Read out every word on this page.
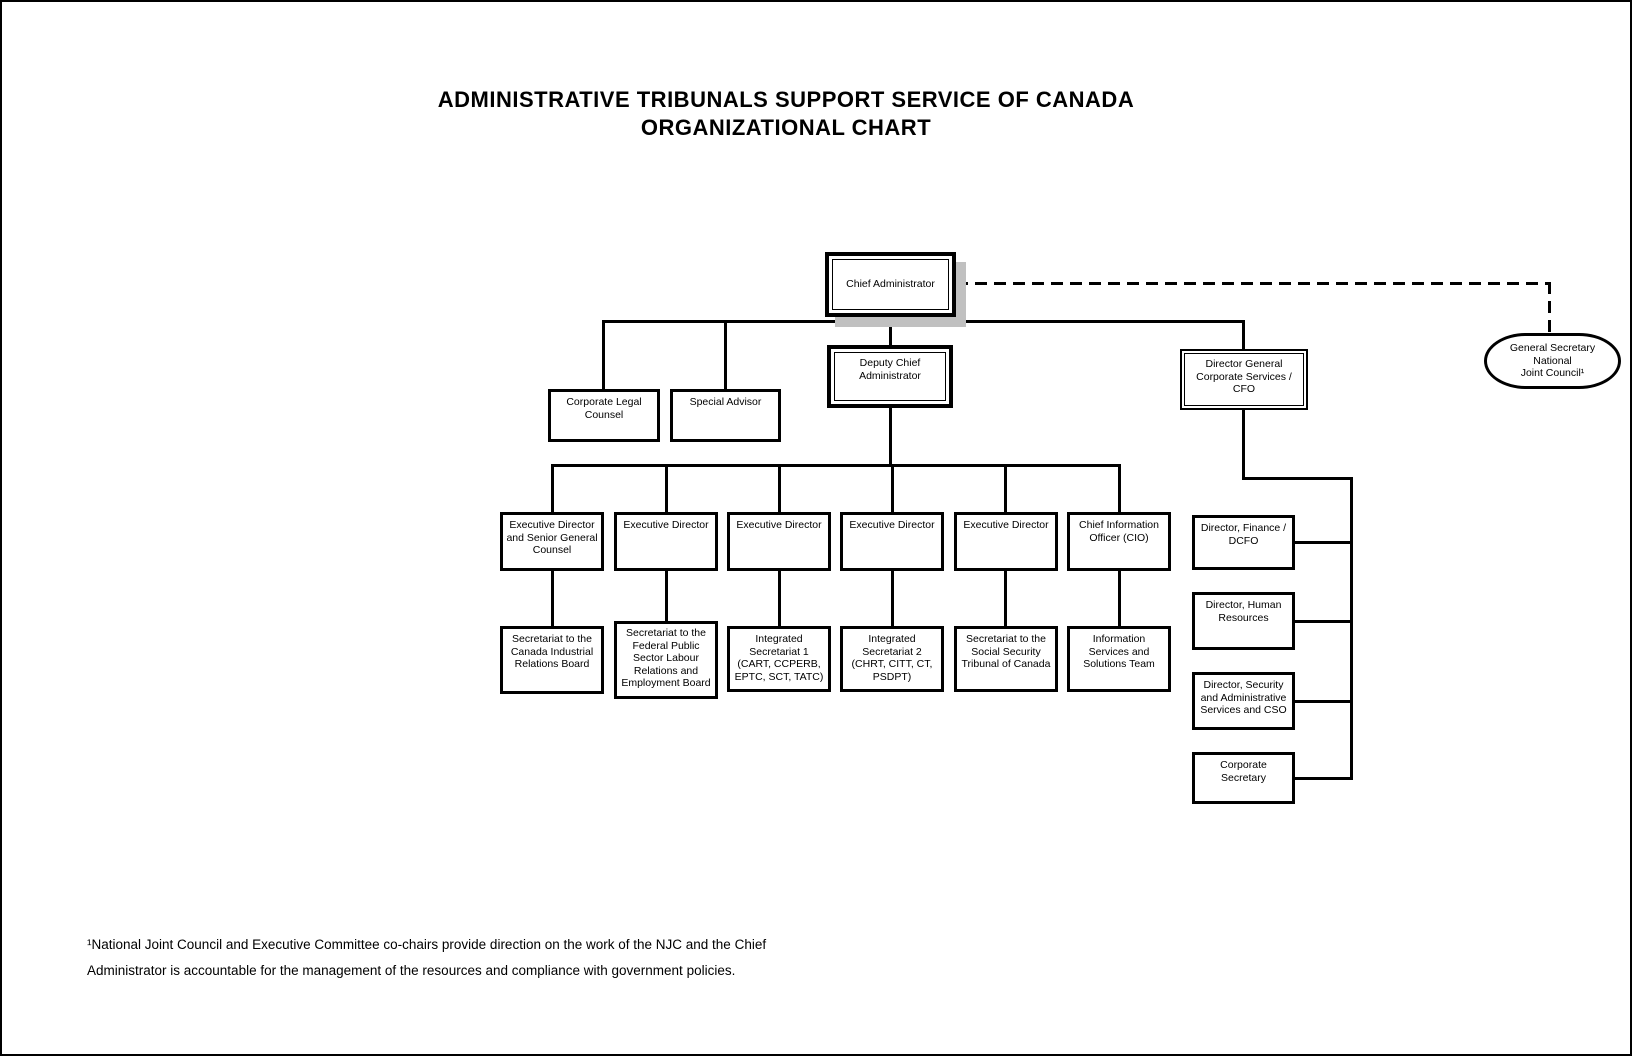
ADMINISTRATIVE TRIBUNALS SUPPORT SERVICE OF CANADA
ORGANIZATIONAL CHART
Chief Administrator
Deputy Chief Administrator
Corporate Legal Counsel
Special Advisor
Director General Corporate Services / CFO
General Secretary
National
Joint Council¹
Executive Director and Senior General Counsel
Executive Director	Executive Director	Executive Director	Executive Director	Chief Information Officer (CIO)
Secretariat to the Canada Industrial Relations Board
Secretariat to the Federal Public Sector Labour Relations and Employment Board
Integrated Secretariat 1 (CART, CCPERB, EPTC, SCT, TATC)
Integrated Secretariat 2 (CHRT, CITT, CT, PSDPT)
Secretariat to the Social Security Tribunal of Canada
Information Services and Solutions Team
Director, Finance / DCFO
Director, Human Resources
Director, Security and Administrative Services and CSO
Corporate Secretary
¹National Joint Council and Executive Committee co-chairs provide direction on the work of the NJC and the Chief
Administrator is accountable for the management of the resources and compliance with government policies.
